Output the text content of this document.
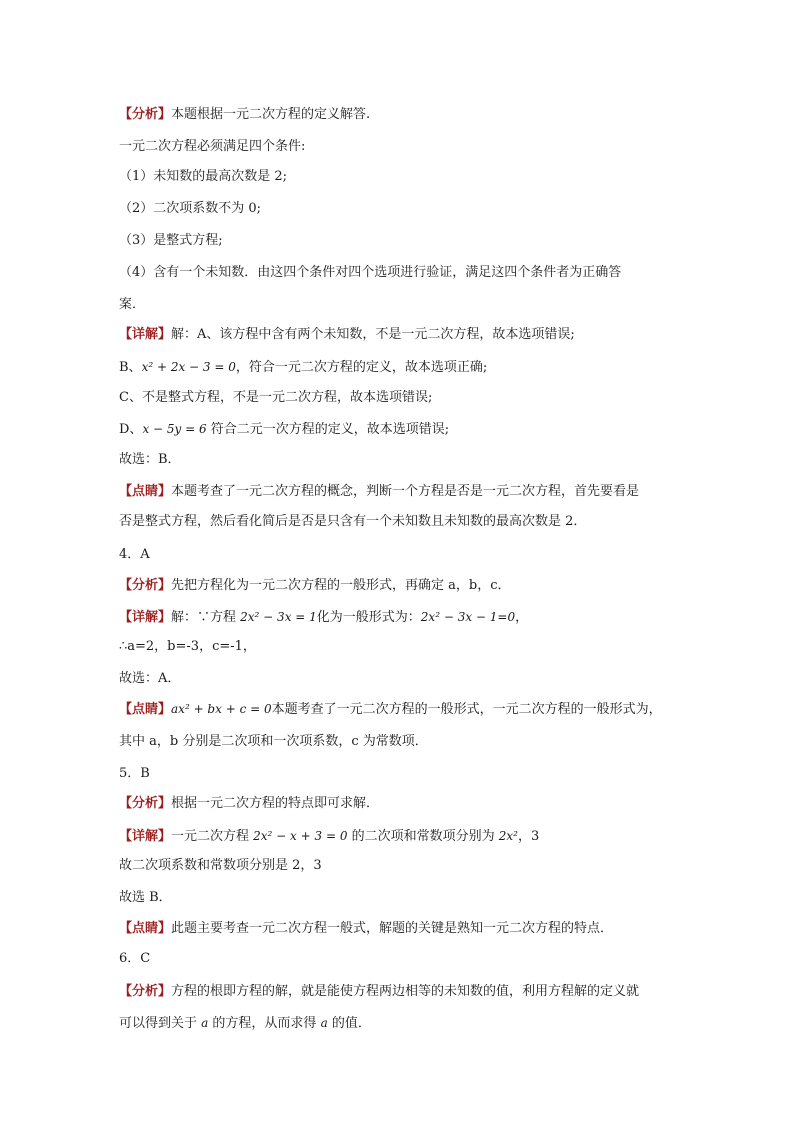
【分析】本题根据一元二次方程的定义解答.
一元二次方程必须满足四个条件:
（1）未知数的最高次数是 2;
（2）二次项系数不为 0;
（3）是整式方程;
（4）含有一个未知数．由这四个条件对四个选项进行验证，满足这四个条件者为正确答
案．
【详解】解：A、该方程中含有两个未知数，不是一元二次方程，故本选项错误;
B、x² + 2x − 3 = 0，符合一元二次方程的定义，故本选项正确;
C、不是整式方程，不是一元二次方程，故本选项错误;
D、x − 5y = 6 符合二元一次方程的定义，故本选项错误;
故选：B．
【点睛】本题考查了一元二次方程的概念，判断一个方程是否是一元二次方程，首先要看是
否是整式方程，然后看化简后是否是只含有一个未知数且未知数的最高次数是 2．
4．A
【分析】先把方程化为一元二次方程的一般形式，再确定 a，b，c．
【详解】解：∵方程 2x² − 3x = 1化为一般形式为：2x² − 3x − 1=0，
∴a=2，b=-3，c=-1，
故选：A．
【点睛】ax² + bx + c = 0本题考查了一元二次方程的一般形式，一元二次方程的一般形式为，
其中 a，b 分别是二次项和一次项系数，c 为常数项．
5．B
【分析】根据一元二次方程的特点即可求解．
【详解】一元二次方程 2x² − x + 3 = 0 的二次项和常数项分别为 2x²，3
故二次项系数和常数项分别是 2，3
故选 B．
【点睛】此题主要考查一元二次方程一般式，解题的关键是熟知一元二次方程的特点．
6．C
【分析】方程的根即方程的解，就是能使方程两边相等的未知数的值，利用方程解的定义就
可以得到关于 a 的方程，从而求得 a 的值．
